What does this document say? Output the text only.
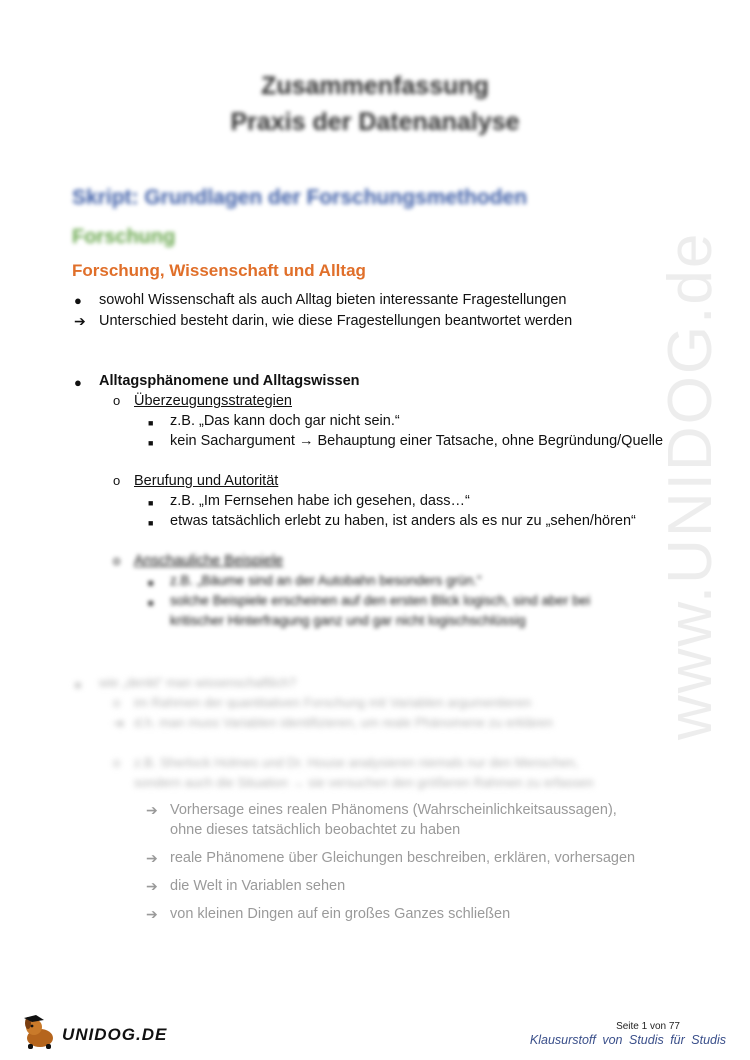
Zusammenfassung
Praxis der Datenanalyse
Skript: Grundlagen der Forschungsmethoden
Forschung
Forschung, Wissenschaft und Alltag
● sowohl Wissenschaft als auch Alltag bieten interessante Fragestellungen
➔ Unterschied besteht darin, wie diese Fragestellungen beantwortet werden
● Alltagsphänomene und Alltagswissen
o Überzeugungsstrategien
■ z.B. „Das kann doch gar nicht sein.“
■ kein Sachargument → Behauptung einer Tatsache, ohne Begründung/Quelle
o Berufung und Autorität
■ z.B. „Im Fernsehen habe ich gesehen, dass…“
■ etwas tatsächlich erlebt zu haben, ist anders als es nur zu „sehen/hören“
o Anschauliche Beispiele
■ z.B. „Bäume sind an der Autobahn besonders grün.“
■ solche Beispiele erscheinen auf den ersten Blick logisch, sind aber bei
kritischer Hinterfragung ganz und gar nicht logischschlüssig
● wie „denkt“ man wissenschaftlich?
o im Rahmen der quantitativen Forschung mit Variablen argumentieren
➔ d.h. man muss Variablen identifizieren, um reale Phänomene zu erklären
o z.B. Sherlock Holmes und Dr. House analysieren niemals nur den Menschen,
sondern auch die Situation → sie versuchen den größeren Rahmen zu erfassen
➔ Vorhersage eines realen Phänomens (Wahrscheinlichkeitsaussagen),
ohne dieses tatsächlich beobachtet zu haben
➔ reale Phänomene über Gleichungen beschreiben, erklären, vorhersagen
➔ die Welt in Variablen sehen
➔ von kleinen Dingen auf ein großes Ganzes schließen
www.UNIDOG.de
UNIDOG.DE	Seite 1 von 77
Klausurstoff von Studis für Studis
